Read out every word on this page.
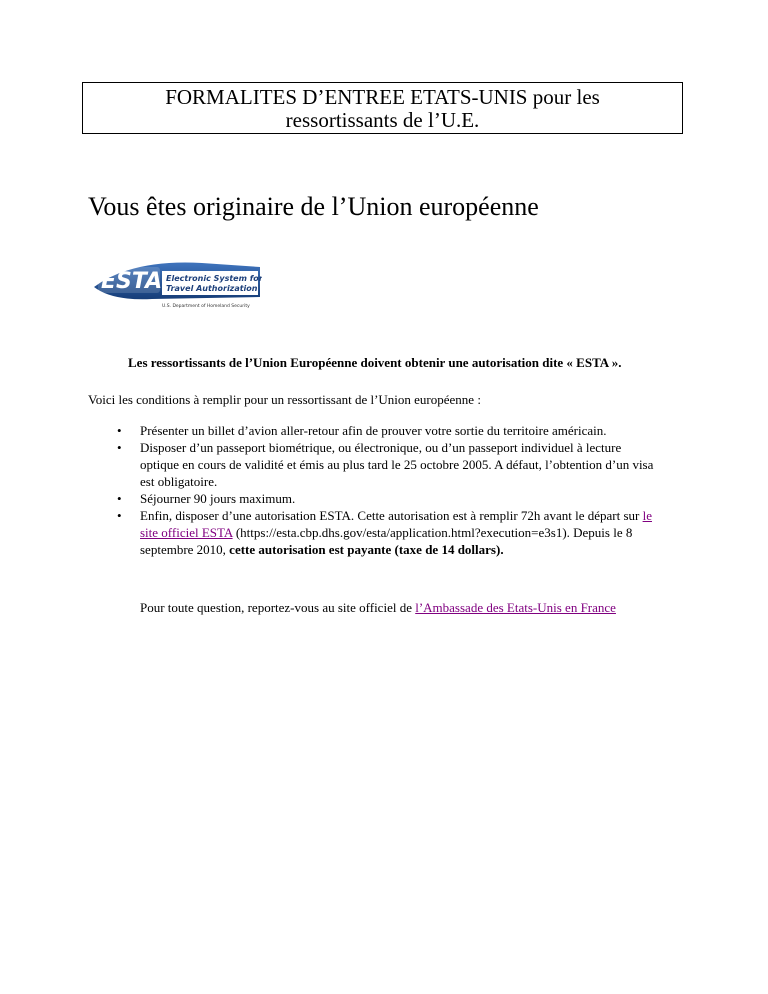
FORMALITES D’ENTREE ETATS-UNIS pour les
ressortissants de l’U.E.
Vous êtes originaire de l’Union européenne
ESTA Electronic System for
Travel Authorization
U.S. Department of Homeland Security
Les ressortissants de l’Union Européenne doivent obtenir une autorisation dite « ESTA ».
Voici les conditions à remplir pour un ressortissant de l’Union européenne :
• Présenter un billet d’avion aller-retour afin de prouver votre sortie du territoire américain.
• Disposer d’un passeport biométrique, ou électronique, ou d’un passeport individuel à lecture optique en cours de validité et émis au plus tard le 25 octobre 2005. A défaut, l’obtention d’un visa est obligatoire.
• Séjourner 90 jours maximum.
• Enfin, disposer d’une autorisation ESTA. Cette autorisation est à remplir 72h avant le départ sur le site officiel ESTA (https://esta.cbp.dhs.gov/esta/application.html?execution=e3s1). Depuis le 8 septembre 2010, cette autorisation est payante (taxe de 14 dollars).
Pour toute question, reportez-vous au site officiel de l’Ambassade des Etats-Unis en France
